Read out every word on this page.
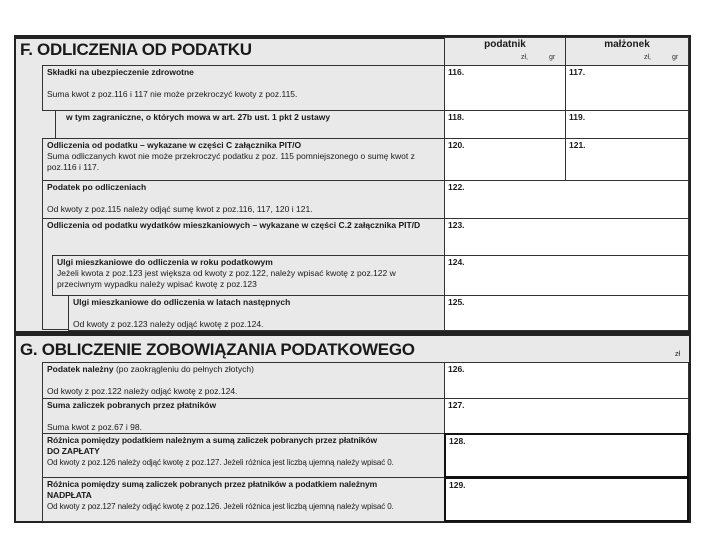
F. ODLICZENIA OD PODATKU	podatnik
zł,	gr
małżonek
zł,	gr
Składki na ubezpieczenie zdrowotne

Suma kwot z poz.116 i 117 nie może przekroczyć kwoty z poz.115.
116.	117.
w tym zagraniczne, o których mowa w art. 27b ust. 1 pkt 2 ustawy	118.	119.
Odliczenia od podatku – wykazane w części C załącznika PIT/O
Suma odliczanych kwot nie może przekroczyć podatku z poz. 115 pomniejszonego o sumę kwot z poz.116 i 117.
120.	121.
Podatek po odliczeniach

Od kwoty z poz.115 należy odjąć sumę kwot z poz.116, 117, 120 i 121.
122.
Odliczenia od podatku wydatków mieszkaniowych – wykazane w części C.2 załącznika PIT/D	123.
Ulgi mieszkaniowe do odliczenia w roku podatkowym

Jeżeli kwota z poz.123 jest większa od kwoty z poz.122, należy wpisać kwotę z poz.122 w przeciwnym wypadku należy wpisać kwotę z poz.123
124.
Ulgi mieszkaniowe do odliczenia w latach następnych

Od kwoty z poz.123 należy odjąć kwotę z poz.124.
125.
G. OBLICZENIE ZOBOWIĄZANIA PODATKOWEGO	zł
Podatek należny (po zaokrągleniu do pełnych złotych)

Od kwoty z poz.122 należy odjąć kwotę z poz.124.
126.
Suma zaliczek pobranych przez płatników

Suma kwot z poz.67 i 98.
127.
Różnica pomiędzy podatkiem należnym a sumą zaliczek pobranych przez płatników
DO ZAPŁATY
Od kwoty z poz.126 należy odjąć kwotę z poz.127. Jeżeli różnica jest liczbą ujemną należy wpisać 0.
128.
Różnica pomiędzy sumą zaliczek pobranych przez płatników a podatkiem należnym
NADPŁATA
Od kwoty z poz.127 należy odjąć kwotę z poz.126. Jeżeli różnica jest liczbą ujemną należy wpisać 0.
129.
